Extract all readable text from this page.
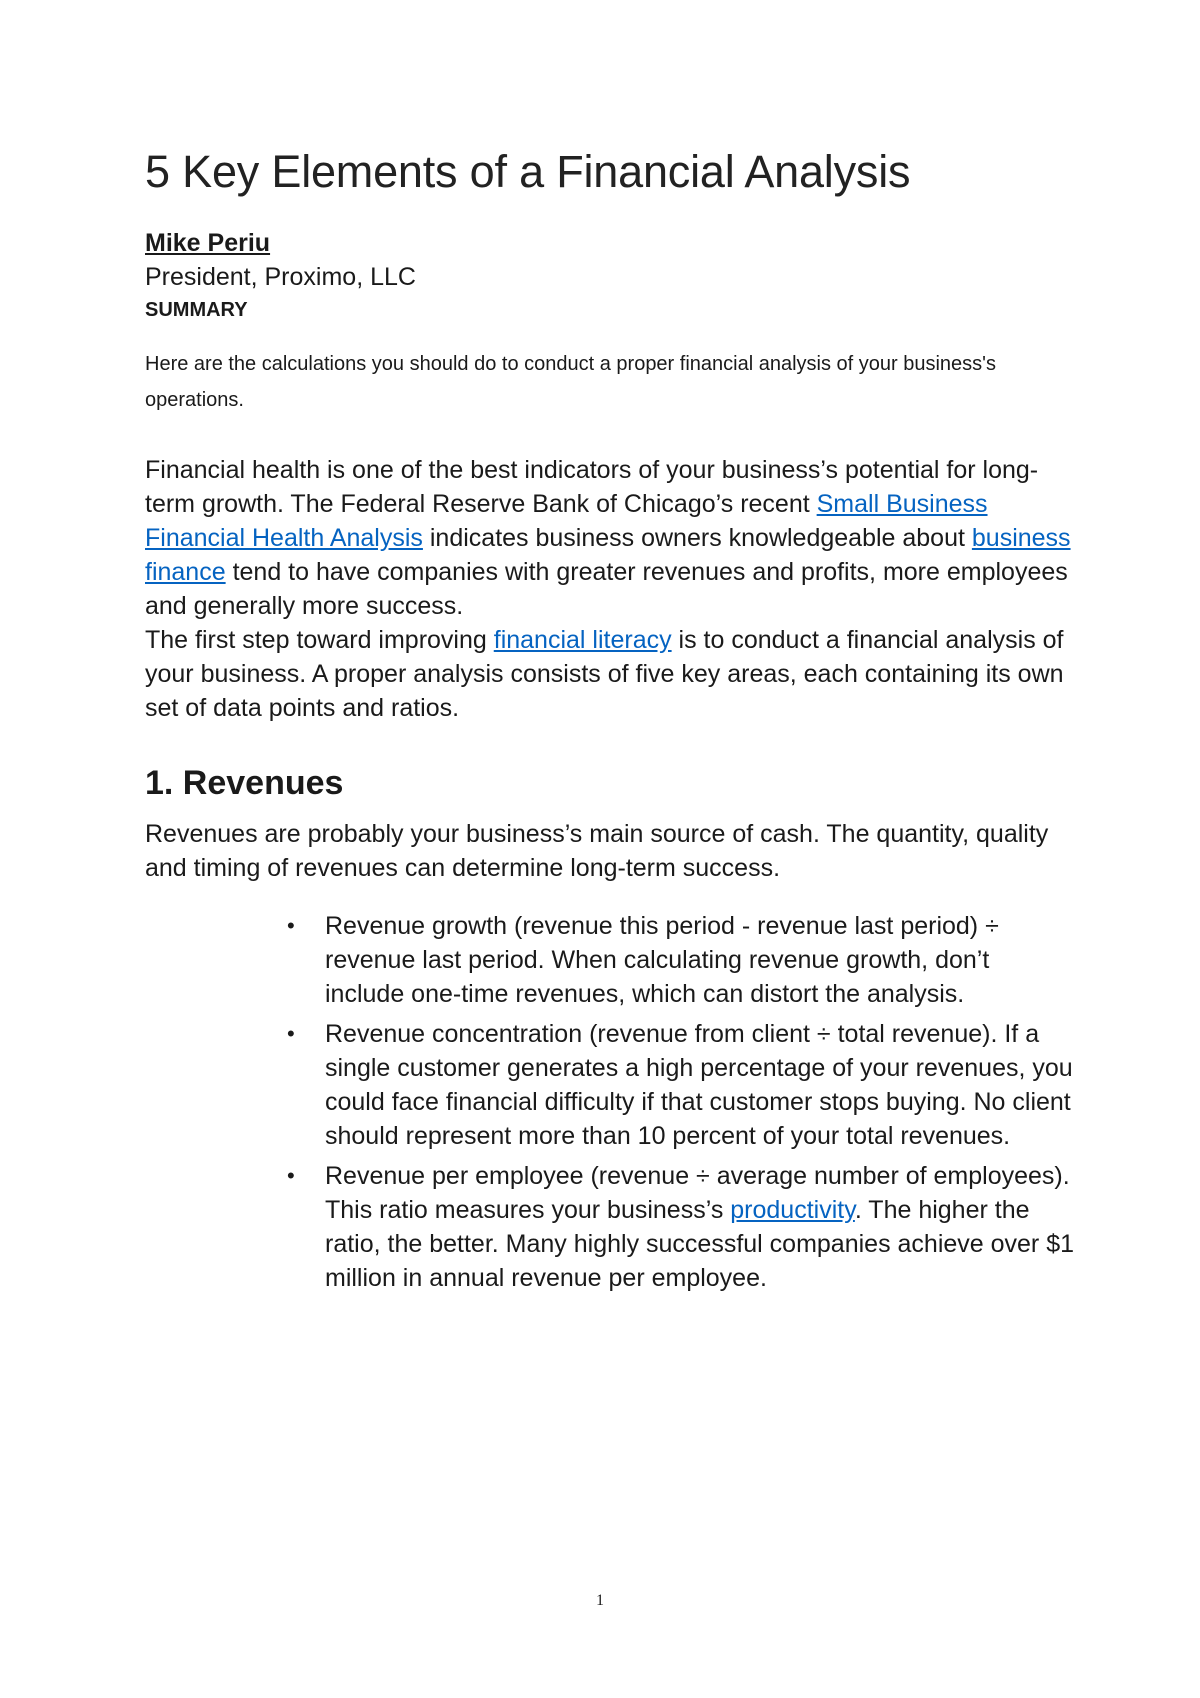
5 Key Elements of a Financial Analysis
Mike Periu
President, Proximo, LLC
SUMMARY
Here are the calculations you should do to conduct a proper financial analysis of your business's operations.
Financial health is one of the best indicators of your business’s potential for long-term growth. The Federal Reserve Bank of Chicago’s recent Small Business Financial Health Analysis indicates business owners knowledgeable about business finance tend to have companies with greater revenues and profits, more employees and generally more success.
The first step toward improving financial literacy is to conduct a financial analysis of your business. A proper analysis consists of five key areas, each containing its own set of data points and ratios.
1. Revenues
Revenues are probably your business’s main source of cash. The quantity, quality and timing of revenues can determine long-term success.
• Revenue growth (revenue this period - revenue last period) ÷ revenue last period. When calculating revenue growth, don’t include one-time revenues, which can distort the analysis.
• Revenue concentration (revenue from client ÷ total revenue). If a single customer generates a high percentage of your revenues, you could face financial difficulty if that customer stops buying. No client should represent more than 10 percent of your total revenues.
• Revenue per employee (revenue ÷ average number of employees). This ratio measures your business’s productivity. The higher the ratio, the better. Many highly successful companies achieve over $1 million in annual revenue per employee.
1
